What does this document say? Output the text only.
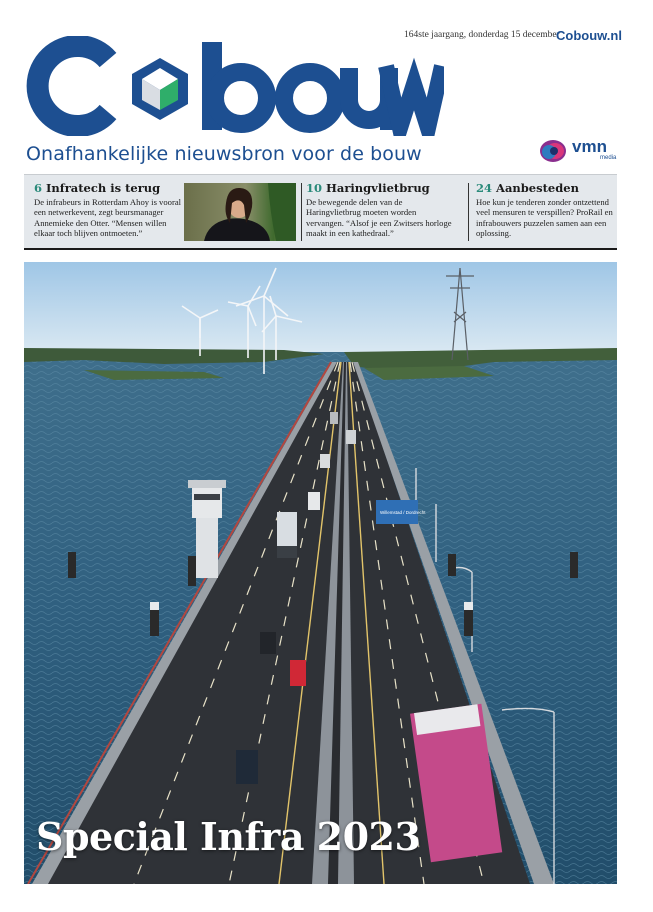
164ste jaargang, donderdag 15 december
Cobouw.nl
Onafhankelijke nieuwsbron voor de bouw	vmn
media
6 Infratech is terug

De infrabeurs in Rotterdam Ahoy is vooral een netwerkevent, zegt beursmanager Annemieke den Otter. “Mensen willen elkaar toch blijven ontmoeten.”

10 Haringvlietbrug

De bewegende delen van de Haringvlietbrug moeten worden vervangen. “Alsof je een Zwitsers horloge maakt in een kathedraal.”

24 Aanbesteden

Hoe kun je tenderen zonder ontzettend veel mensuren te verspillen? ProRail en infrabouwers puzzelen samen aan een oplossing.

Willemstad / Dordrecht
Special Infra 2023
